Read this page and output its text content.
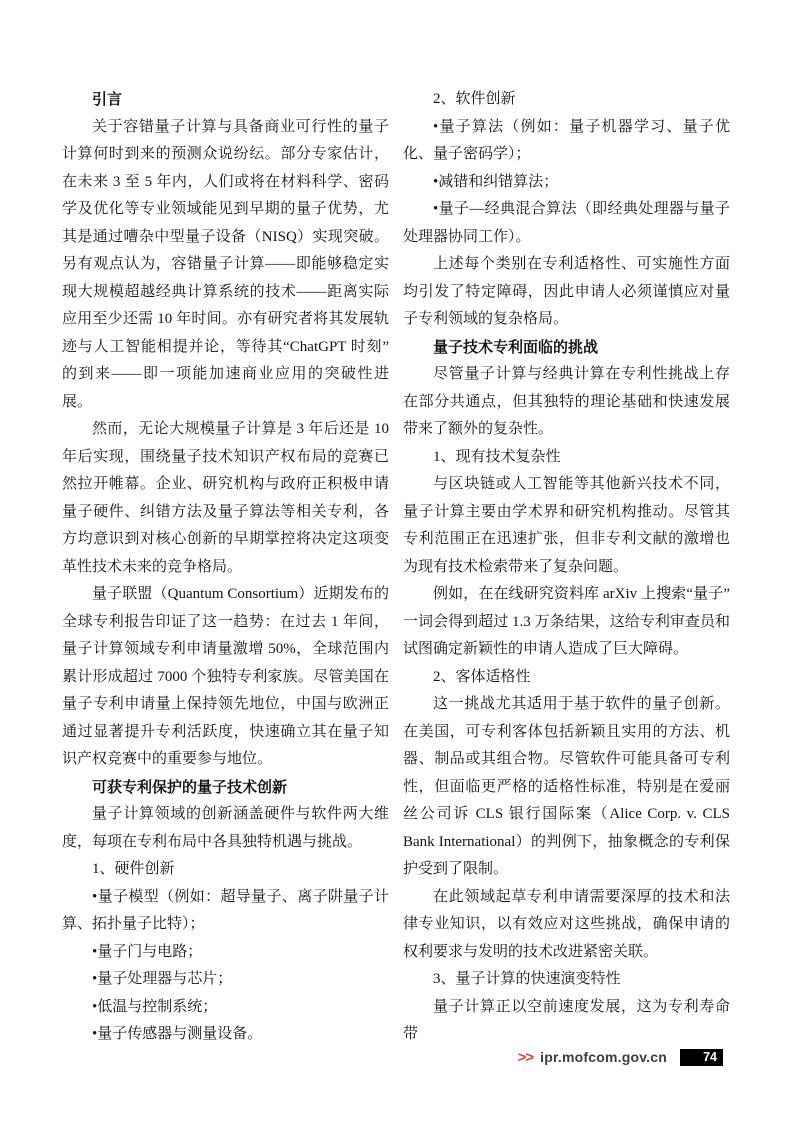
引言

关于容错量子计算与具备商业可行性的量子计算何时到来的预测众说纷纭。部分专家估计，在未来 3 至 5 年内，人们或将在材料科学、密码学及优化等专业领域能见到早期的量子优势，尤其是通过嘈杂中型量子设备（NISQ）实现突破。另有观点认为，容错量子计算——即能够稳定实现大规模超越经典计算系统的技术——距离实际应用至少还需 10 年时间。亦有研究者将其发展轨迹与人工智能相提并论，等待其“ChatGPT 时刻”的到来——即一项能加速商业应用的突破性进展。

然而，无论大规模量子计算是 3 年后还是 10 年后实现，围绕量子技术知识产权布局的竞赛已然拉开帷幕。企业、研究机构与政府正积极申请量子硬件、纠错方法及量子算法等相关专利，各方均意识到对核心创新的早期掌控将决定这项变革性技术未来的竞争格局。

量子联盟（Quantum Consortium）近期发布的全球专利报告印证了这一趋势：在过去 1 年间，量子计算领域专利申请量激增 50%，全球范围内累计形成超过 7000 个独特专利家族。尽管美国在量子专利申请量上保持领先地位，中国与欧洲正通过显著提升专利活跃度，快速确立其在量子知识产权竞赛中的重要参与地位。

可获专利保护的量子技术创新

量子计算领域的创新涵盖硬件与软件两大维度，每项在专利布局中各具独特机遇与挑战。

1、硬件创新

•量子模型（例如：超导量子、离子阱量子计算、拓扑量子比特）；

•量子门与电路；

•量子处理器与芯片；

•低温与控制系统；

•量子传感器与测量设备。

2、软件创新

•量子算法（例如：量子机器学习、量子优化、量子密码学）；

•减错和纠错算法；

•量子—经典混合算法（即经典处理器与量子处理器协同工作）。

上述每个类别在专利适格性、可实施性方面均引发了特定障碍，因此申请人必须谨慎应对量子专利领域的复杂格局。

量子技术专利面临的挑战

尽管量子计算与经典计算在专利性挑战上存在部分共通点，但其独特的理论基础和快速发展带来了额外的复杂性。

1、现有技术复杂性

与区块链或人工智能等其他新兴技术不同，量子计算主要由学术界和研究机构推动。尽管其专利范围正在迅速扩张，但非专利文献的激增也为现有技术检索带来了复杂问题。

例如，在在线研究资料库 arXiv 上搜索“量子”一词会得到超过 1.3 万条结果，这给专利审查员和试图确定新颖性的申请人造成了巨大障碍。

2、客体适格性

这一挑战尤其适用于基于软件的量子创新。在美国，可专利客体包括新颖且实用的方法、机器、制品或其组合物。尽管软件可能具备可专利性，但面临更严格的适格性标准，特别是在爱丽丝公司诉 CLS 银行国际案（Alice Corp. v. CLS Bank International）的判例下，抽象概念的专利保护受到了限制。

在此领域起草专利申请需要深厚的技术和法律专业知识，以有效应对这些挑战，确保申请的权利要求与发明的技术改进紧密关联。

3、量子计算的快速演变特性

量子计算正以空前速度发展，这为专利寿命带

>> ipr.mofcom.gov.cn	74
